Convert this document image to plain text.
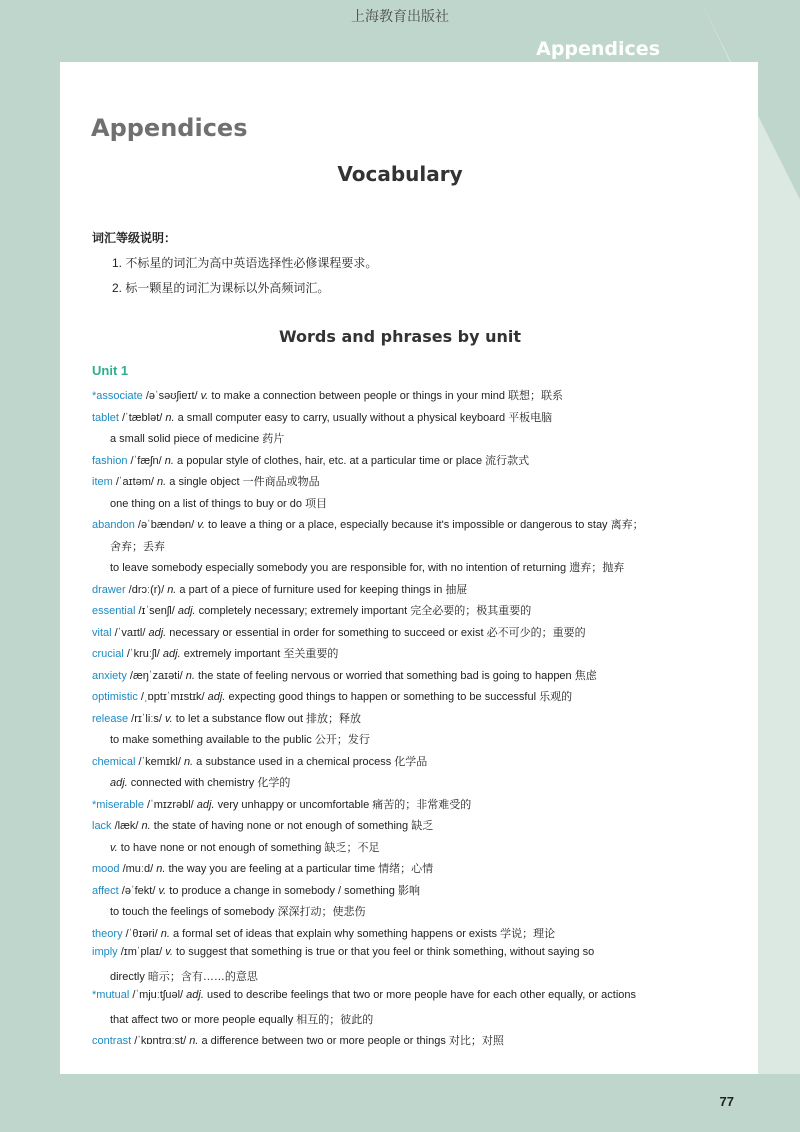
上海教育出版社
Appendices
Appendices
Vocabulary
词汇等级说明：
1. 不标星的词汇为高中英语选择性必修课程要求。
2. 标一颗星的词汇为课标以外高频词汇。
Words and phrases by unit
Unit 1
*associate /əˈsəʊʃieɪt/ v. to make a connection between people or things in your mind 联想；联系
tablet /ˈtæblət/ n. a small computer easy to carry, usually without a physical keyboard 平板电脑
a small solid piece of medicine 药片
fashion /ˈfæʃn/ n. a popular style of clothes, hair, etc. at a particular time or place 流行款式
item /ˈaɪtəm/ n. a single object 一件商品或物品
one thing on a list of things to buy or do 项目
abandon /əˈbændən/ v. to leave a thing or a place, especially because it's impossible or dangerous to stay 离弃；
舍弃；丢弃
to leave somebody especially somebody you are responsible for, with no intention of returning 遗弃；抛弃
drawer /drɔː(r)/ n. a part of a piece of furniture used for keeping things in 抽屉
essential /ɪˈsenʃl/ adj. completely necessary; extremely important 完全必要的；极其重要的
vital /ˈvaɪtl/ adj. necessary or essential in order for something to succeed or exist 必不可少的；重要的
crucial /ˈkruːʃl/ adj. extremely important 至关重要的
anxiety /æŋˈzaɪəti/ n. the state of feeling nervous or worried that something bad is going to happen 焦虑
optimistic /ˌɒptɪˈmɪstɪk/ adj. expecting good things to happen or something to be successful 乐观的
release /rɪˈliːs/ v. to let a substance flow out 排放；释放
to make something available to the public 公开；发行
chemical /ˈkemɪkl/ n. a substance used in a chemical process 化学品
adj. connected with chemistry 化学的
*miserable /ˈmɪzrəbl/ adj. very unhappy or uncomfortable 痛苦的；非常难受的
lack /læk/ n. the state of having none or not enough of something 缺乏
v. to have none or not enough of something 缺乏；不足
mood /muːd/ n. the way you are feeling at a particular time 情绪；心情
affect /əˈfekt/ v. to produce a change in somebody / something 影响
to touch the feelings of somebody 深深打动；使悲伤
theory /ˈθɪəri/ n. a formal set of ideas that explain why something happens or exists 学说；理论
imply /ɪmˈplaɪ/ v. to suggest that something is true or that you feel or think something, without saying so
directly 暗示；含有……的意思
*mutual /ˈmjuːtʃuəl/ adj. used to describe feelings that two or more people have for each other equally, or actions
that affect two or more people equally 相互的；彼此的
contrast /ˈkɒntrɑːst/ n. a difference between two or more people or things 对比；对照
77
